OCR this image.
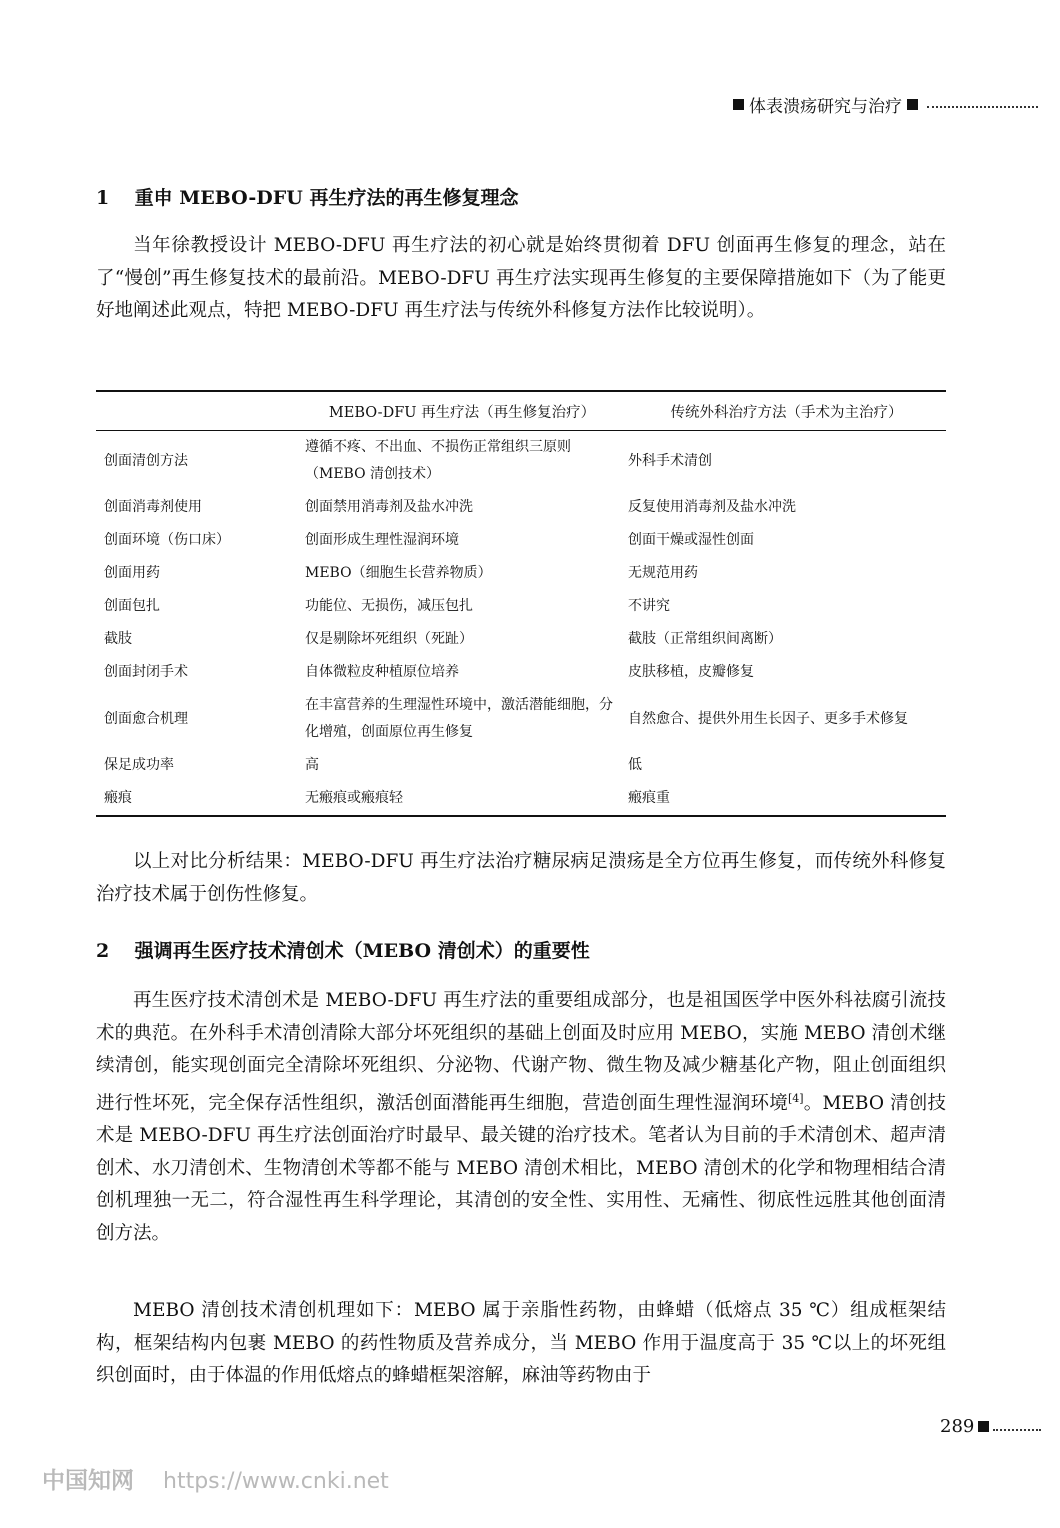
体表溃疡研究与治疗
1 重申 MEBO-DFU 再生疗法的再生修复理念

当年徐教授设计 MEBO-DFU 再生疗法的初心就是始终贯彻着 DFU 创面再生修复的理念，站在了“慢创”再生修复技术的最前沿。MEBO-DFU 再生疗法实现再生修复的主要保障措施如下（为了能更好地阐述此观点，特把 MEBO-DFU 再生疗法与传统外科修复方法作比较说明）。

	MEBO-DFU 再生疗法（再生修复治疗）	传统外科治疗方法（手术为主治疗）
创面清创方法	遵循不疼、不出血、不损伤正常组织三原则（MEBO 清创技术）	外科手术清创
创面消毒剂使用	创面禁用消毒剂及盐水冲洗	反复使用消毒剂及盐水冲洗
创面环境（伤口床）	创面形成生理性湿润环境	创面干燥或湿性创面
创面用药	MEBO（细胞生长营养物质）	无规范用药
创面包扎	功能位、无损伤，减压包扎	不讲究
截肢	仅是剔除坏死组织（死趾）	截肢（正常组织间离断）
创面封闭手术	自体微粒皮种植原位培养	皮肤移植，皮瓣修复
创面愈合机理	在丰富营养的生理湿性环境中，激活潜能细胞，分化增殖，创面原位再生修复	自然愈合、提供外用生长因子、更多手术修复
保足成功率	高	低
瘢痕	无瘢痕或瘢痕轻	瘢痕重

以上对比分析结果：MEBO-DFU 再生疗法治疗糖尿病足溃疡是全方位再生修复，而传统外科修复治疗技术属于创伤性修复。

2 强调再生医疗技术清创术（MEBO 清创术）的重要性

再生医疗技术清创术是 MEBO-DFU 再生疗法的重要组成部分，也是祖国医学中医外科祛腐引流技术的典范。在外科手术清创清除大部分坏死组织的基础上创面及时应用 MEBO，实施 MEBO 清创术继续清创，能实现创面完全清除坏死组织、分泌物、代谢产物、微生物及减少糖基化产物，阻止创面组织进行性坏死，完全保存活性组织，激活创面潜能再生细胞，营造创面生理性湿润环境[4]。MEBO 清创技术是 MEBO-DFU 再生疗法创面治疗时最早、最关键的治疗技术。笔者认为目前的手术清创术、超声清创术、水刀清创术、生物清创术等都不能与 MEBO 清创术相比，MEBO 清创术的化学和物理相结合清创机理独一无二，符合湿性再生科学理论，其清创的安全性、实用性、无痛性、彻底性远胜其他创面清创方法。

MEBO 清创技术清创机理如下：MEBO 属于亲脂性药物，由蜂蜡（低熔点 35 ℃）组成框架结构，框架结构内包裹 MEBO 的药性物质及营养成分，当 MEBO 作用于温度高于 35 ℃以上的坏死组织创面时，由于体温的作用低熔点的蜂蜡框架溶解，麻油等药物由于

289
中国知网 https://www.cnki.net
